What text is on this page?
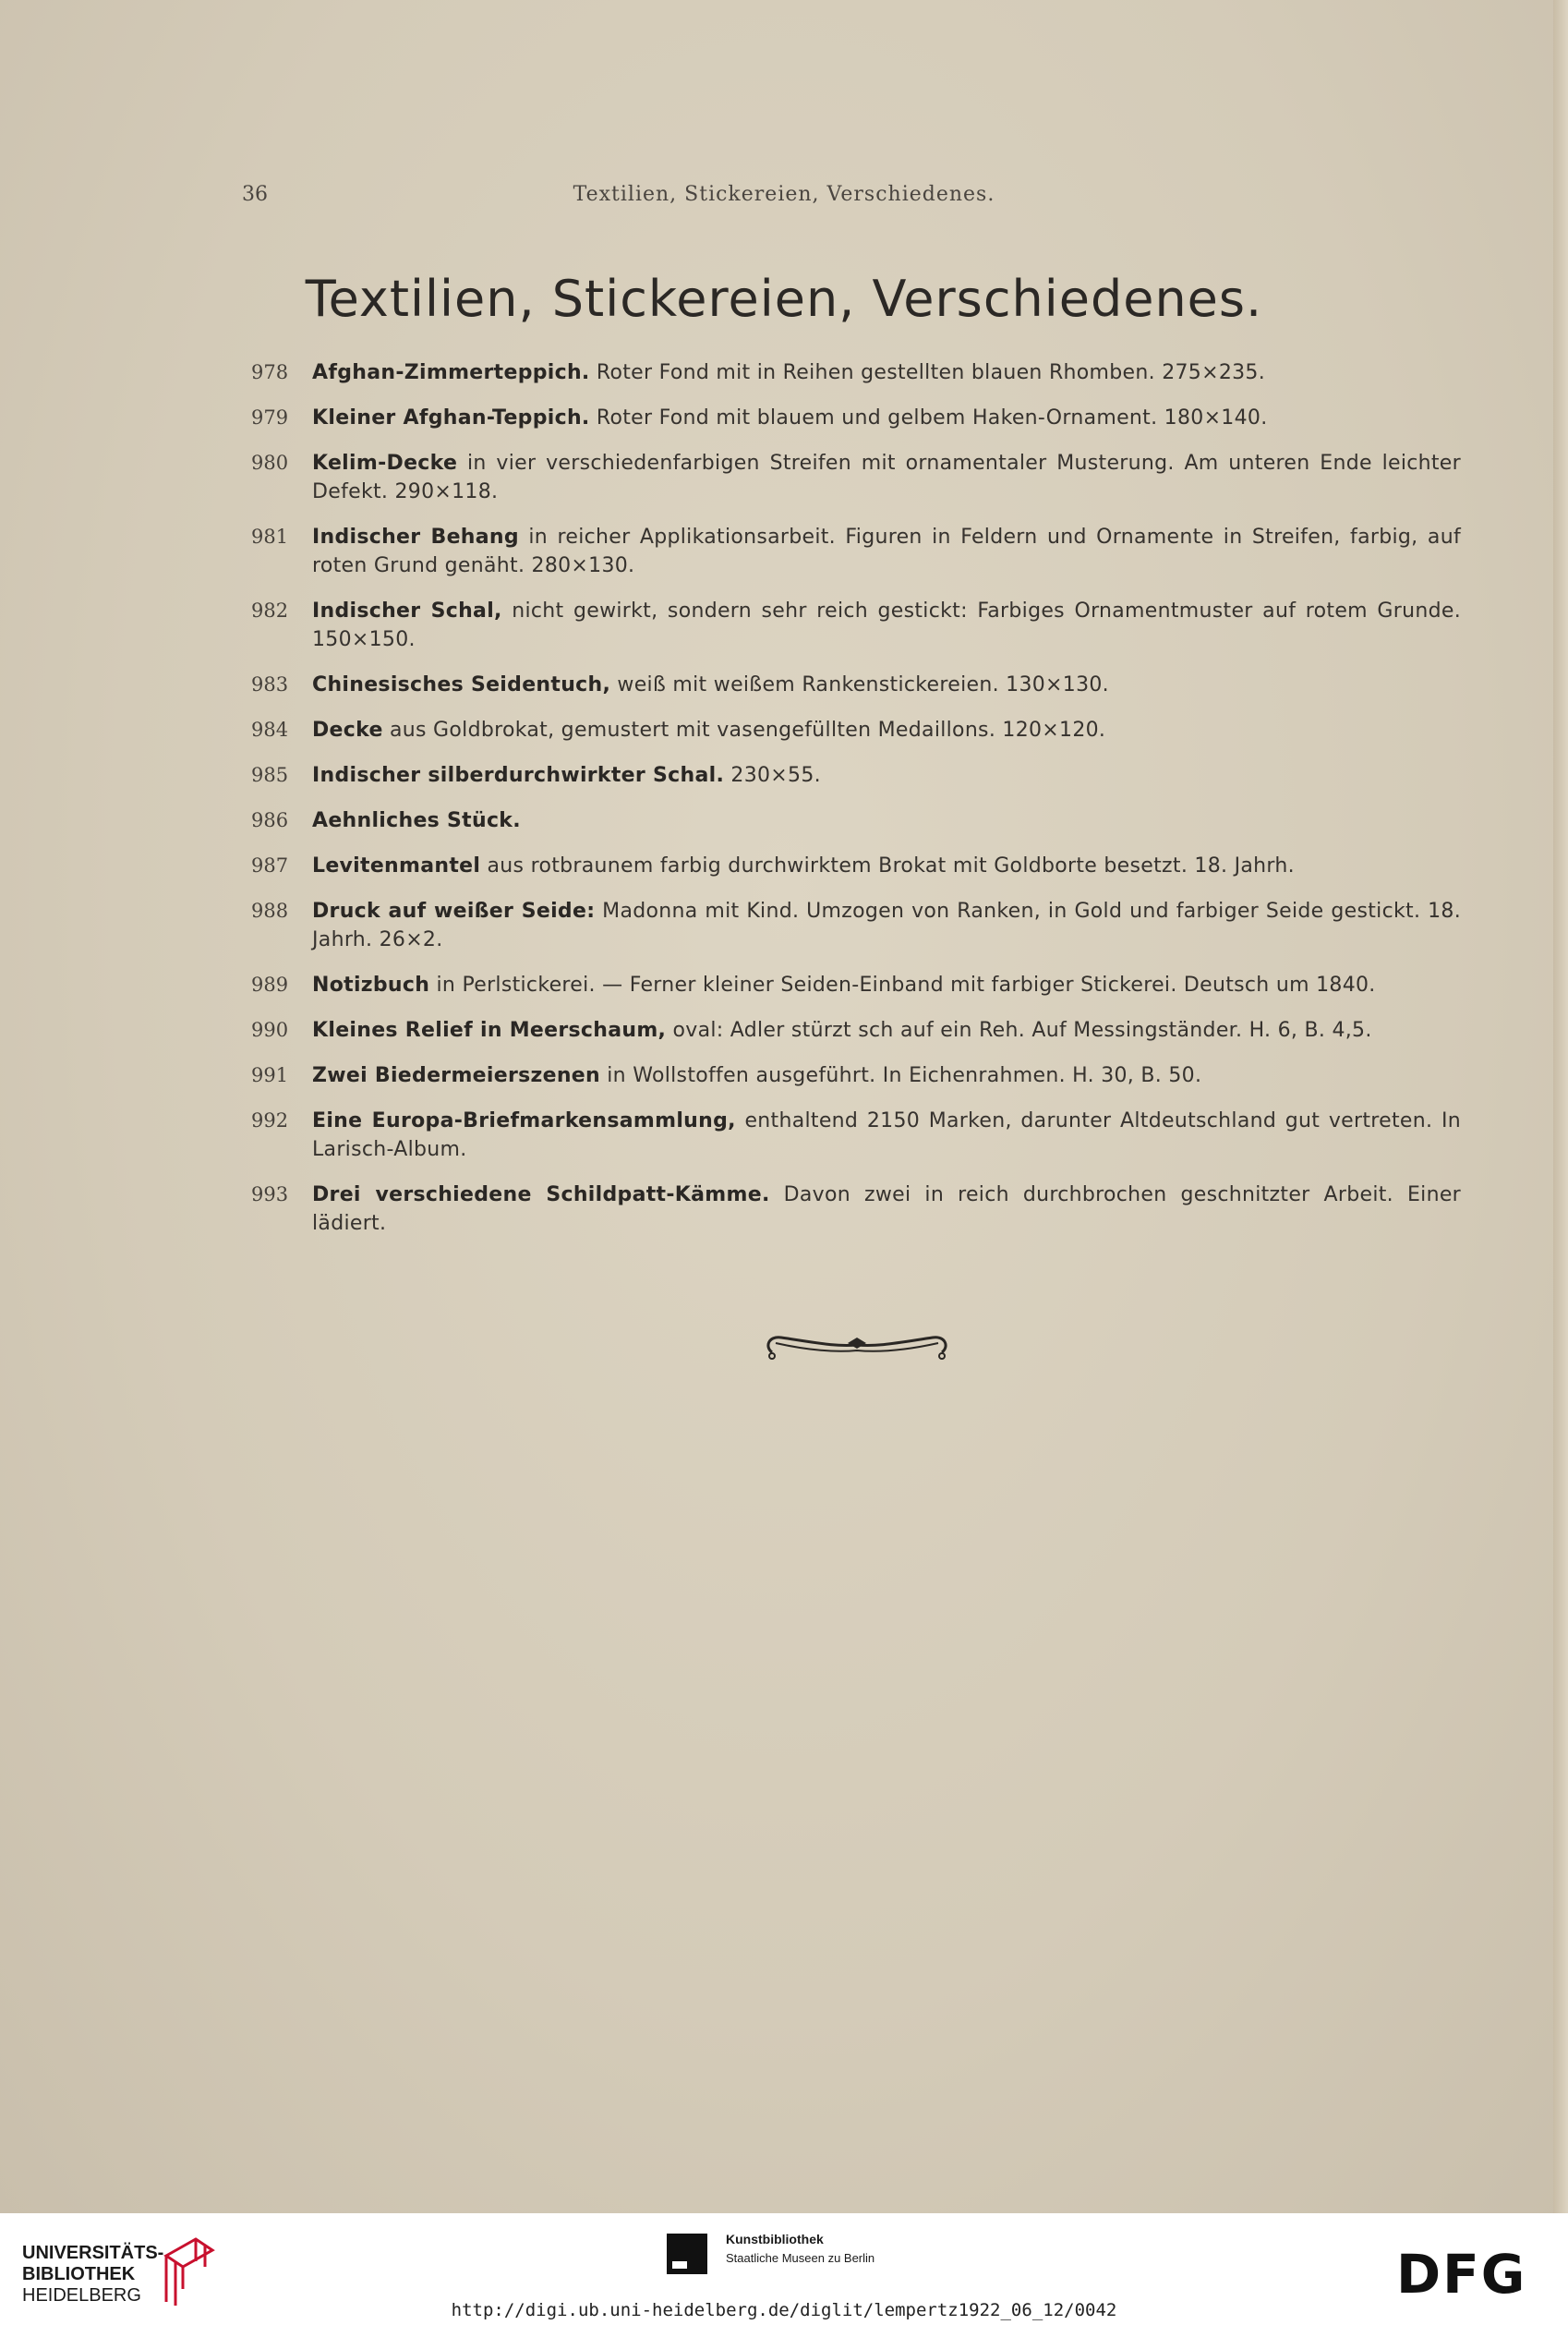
36	Textilien, Stickereien, Verschiedenes.
Textilien, Stickereien, Verschiedenes.
978	Afghan-Zimmerteppich. Roter Fond mit in Reihen gestellten blauen Rhomben. 275×235.
979	Kleiner Afghan-Teppich. Roter Fond mit blauem und gelbem Haken-Ornament. 180×140.
980	Kelim-Decke in vier verschiedenfarbigen Streifen mit ornamentaler Musterung. Am unteren Ende leichter Defekt. 290×118.
981	Indischer Behang in reicher Applikationsarbeit. Figuren in Feldern und Ornamente in Streifen, farbig, auf roten Grund genäht. 280×130.
982	Indischer Schal, nicht gewirkt, sondern sehr reich gestickt: Farbiges Ornamentmuster auf rotem Grunde. 150×150.
983	Chinesisches Seidentuch, weiß mit weißem Rankenstickereien. 130×130.
984	Decke aus Goldbrokat, gemustert mit vasengefüllten Medaillons. 120×120.
985	Indischer silberdurchwirkter Schal. 230×55.
986	Aehnliches Stück.
987	Levitenmantel aus rotbraunem farbig durchwirktem Brokat mit Goldborte besetzt. 18. Jahrh.
988	Druck auf weißer Seide: Madonna mit Kind. Umzogen von Ranken, in Gold und farbiger Seide gestickt. 18. Jahrh. 26×2.
989	Notizbuch in Perlstickerei. — Ferner kleiner Seiden-Einband mit farbiger Stickerei. Deutsch um 1840.
990	Kleines Relief in Meerschaum, oval: Adler stürzt sch auf ein Reh. Auf Messingständer. H. 6, B. 4,5.
991	Zwei Biedermeierszenen in Wollstoffen ausgeführt. In Eichenrahmen. H. 30, B. 50.
992	Eine Europa-Briefmarkensammlung, enthaltend 2150 Marken, darunter Altdeutschland gut vertreten. In Larisch-Album.
993	Drei verschiedene Schildpatt-Kämme. Davon zwei in reich durchbrochen geschnitzter Arbeit. Einer lädiert.
UNIVERSITÄTS-
BIBLIOTHEK
HEIDELBERG
Kunstbibliothek
Staatliche Museen zu Berlin	DFG
http://digi.ub.uni-heidelberg.de/diglit/lempertz1922_06_12/0042
